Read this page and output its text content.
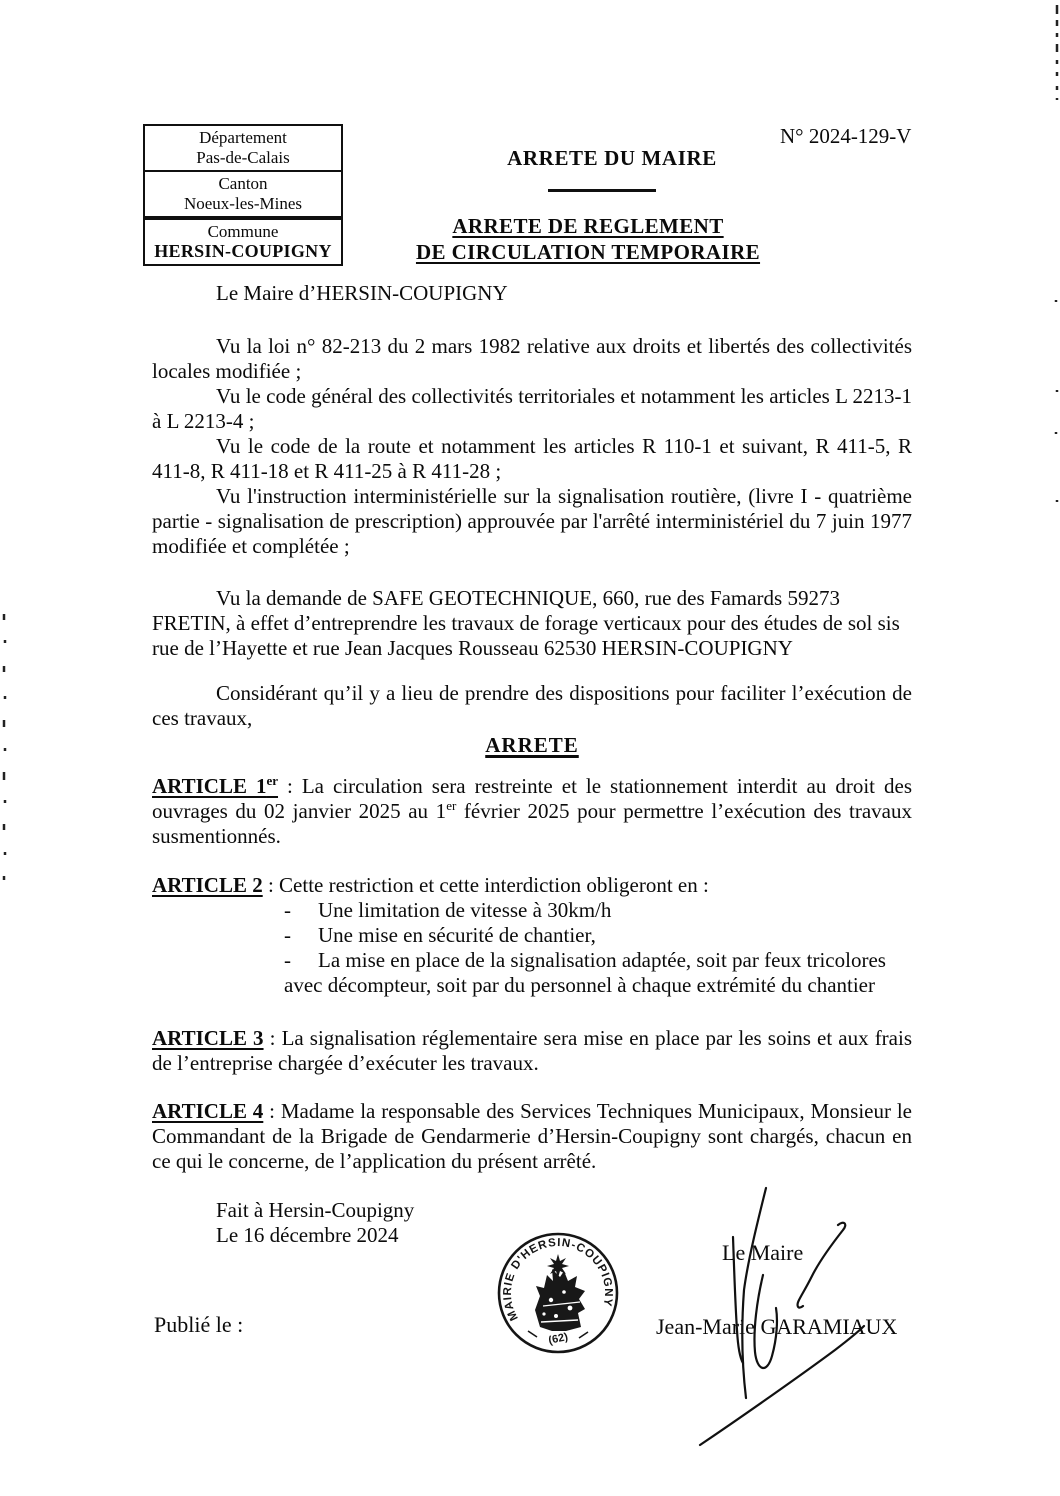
Département
Pas-de-Calais
Canton
Noeux-les-Mines
Commune
HERSIN-COUPIGNY
N° 2024-129-V
ARRETE DU MAIRE
ARRETE DE REGLEMENT
DE CIRCULATION TEMPORAIRE
Le Maire d’HERSIN-COUPIGNY
Vu la loi n° 82-213 du 2 mars 1982 relative aux droits et libertés des collectivités locales modifiée ;
Vu le code général des collectivités territoriales et notamment les articles L 2213-1 à L 2213-4 ;
Vu le code de la route et notamment les articles R 110-1 et suivant, R 411-5, R 411-8, R 411-18 et R 411-25 à R 411-28 ;
Vu l'instruction interministérielle sur la signalisation routière, (livre I - quatrième partie - signalisation de prescription) approuvée par l'arrêté interministériel du 7 juin 1977 modifiée et complétée ;
Vu la demande de SAFE GEOTECHNIQUE, 660, rue des Famards 59273 FRETIN, à effet d’entreprendre les travaux de forage verticaux pour des études de sol sis rue de l’Hayette et rue Jean Jacques Rousseau 62530 HERSIN-COUPIGNY
Considérant qu’il y a lieu de prendre des dispositions pour faciliter l’exécution de ces travaux,
ARRETE
ARTICLE 1er : La circulation sera restreinte et le stationnement interdit au droit des ouvrages du 02 janvier 2025 au 1er février 2025 pour permettre l’exécution des travaux susmentionnés.
ARTICLE 2 : Cette restriction et cette interdiction obligeront en :
- Une limitation de vitesse à 30km/h
- Une mise en sécurité de chantier,
- La mise en place de la signalisation adaptée, soit par feux tricolores avec décompteur, soit par du personnel à chaque extrémité du chantier
ARTICLE 3 : La signalisation réglementaire sera mise en place par les soins et aux frais de l’entreprise chargée d’exécuter les travaux.
ARTICLE 4 : Madame la responsable des Services Techniques Municipaux, Monsieur le Commandant de la Brigade de Gendarmerie d’Hersin-Coupigny sont chargés, chacun en ce qui le concerne, de l’application du présent arrêté.
Fait à Hersin-Coupigny
Le 16 décembre 2024
Le Maire
Jean-Marie GARAMIAUX
Publié le :	MAIRIE D'HERSIN-COUPIGNY
(62)
